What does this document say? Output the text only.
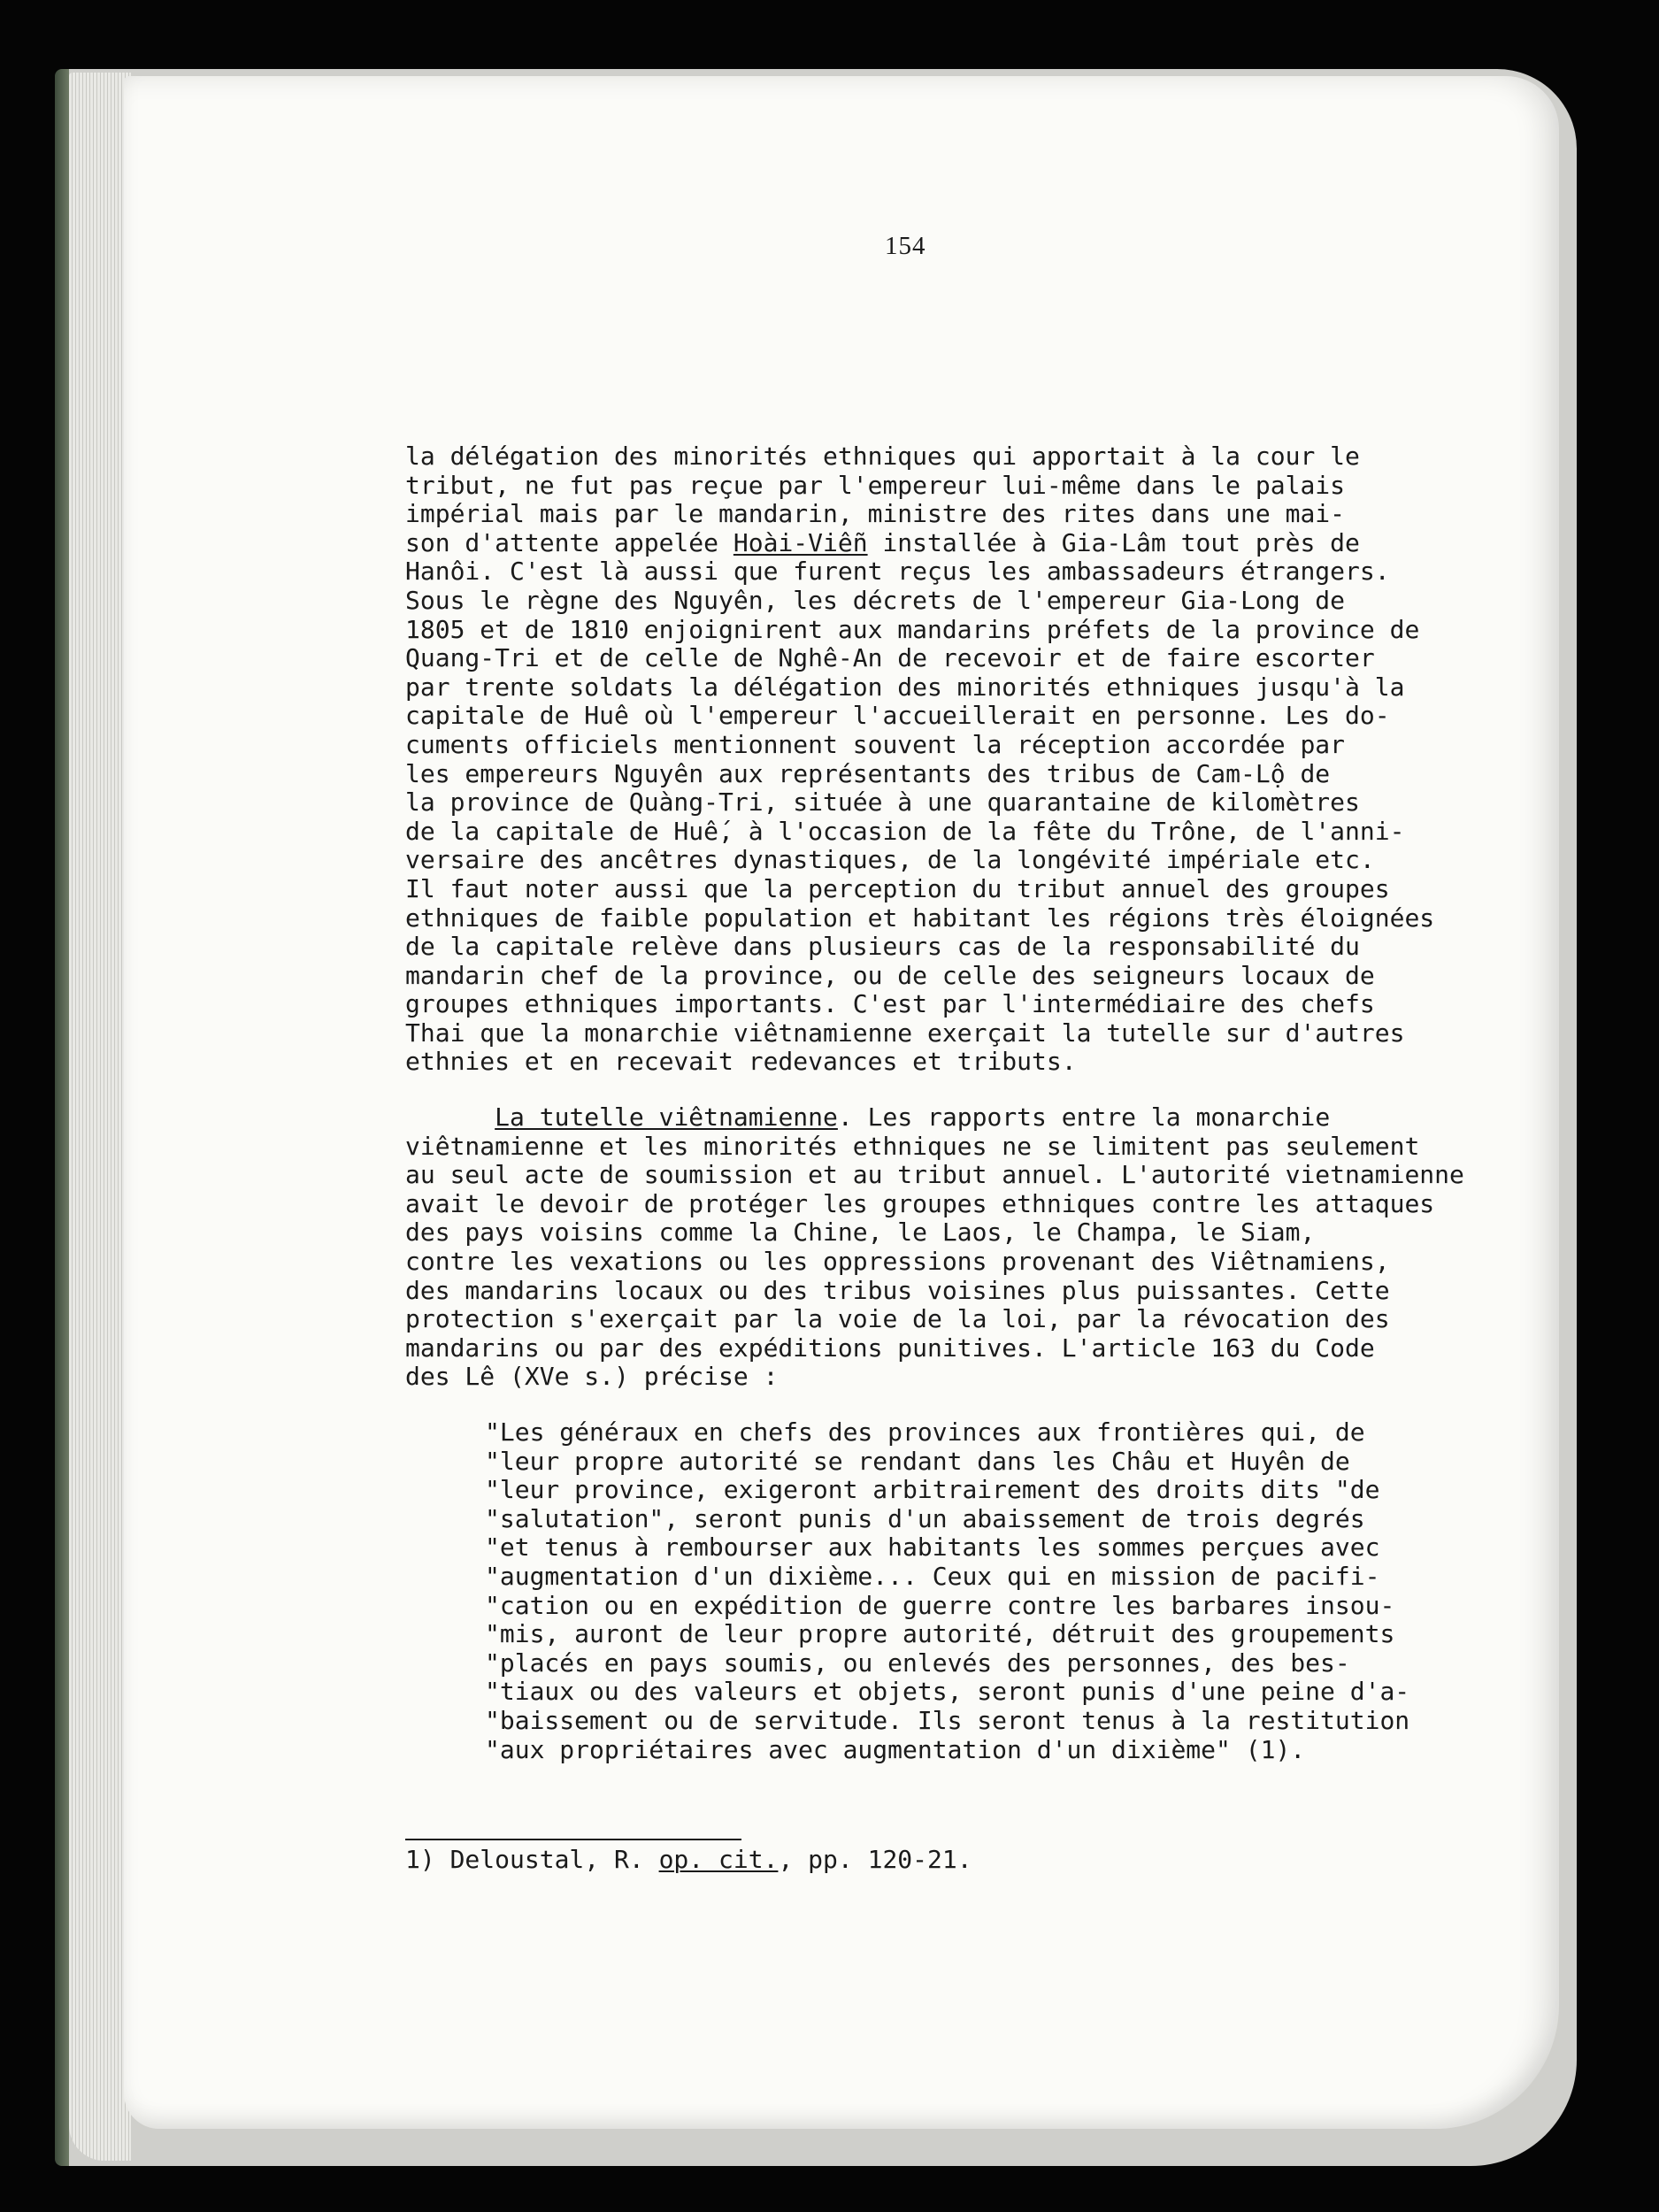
154
la délégation des minorités ethniques qui apportait à la cour le
tribut, ne fut pas reçue par l'empereur lui-même dans le palais
impérial mais par le mandarin, ministre des rites dans une mai-
son d'attente appelée Hoài-Viễn installée à Gia-Lâm tout près de
Hanôi. C'est là aussi que furent reçus les ambassadeurs étrangers.
Sous le règne des Nguyên, les décrets de l'empereur Gia-Long de
1805 et de 1810 enjoignirent aux mandarins préfets de la province de
Quang-Tri et de celle de Nghê-An de recevoir et de faire escorter
par trente soldats la délégation des minorités ethniques jusqu'à la
capitale de Huê où l'empereur l'accueillerait en personne. Les do-
cuments officiels mentionnent souvent la réception accordée par
les empereurs Nguyên aux représentants des tribus de Cam-Lộ de
la province de Quàng-Tri, située à une quarantaine de kilomètres
de la capitale de Huế, à l'occasion de la fête du Trône, de l'anni-
versaire des ancêtres dynastiques, de la longévité impériale etc.
Il faut noter aussi que la perception du tribut annuel des groupes
ethniques de faible population et habitant les régions très éloignées
de la capitale relève dans plusieurs cas de la responsabilité du
mandarin chef de la province, ou de celle des seigneurs locaux de
groupes ethniques importants. C'est par l'intermédiaire des chefs
Thai que la monarchie viêtnamienne exerçait la tutelle sur d'autres
ethnies et en recevait redevances et tributs.
La tutelle viêtnamienne. Les rapports entre la monarchie
viêtnamienne et les minorités ethniques ne se limitent pas seulement
au seul acte de soumission et au tribut annuel. L'autorité vietnamienne
avait le devoir de protéger les groupes ethniques contre les attaques
des pays voisins comme la Chine, le Laos, le Champa, le Siam,
contre les vexations ou les oppressions provenant des Viêtnamiens,
des mandarins locaux ou des tribus voisines plus puissantes. Cette
protection s'exerçait par la voie de la loi, par la révocation des
mandarins ou par des expéditions punitives. L'article 163 du Code
des Lê (XVe s.) précise :
"Les généraux en chefs des provinces aux frontières qui, de
"leur propre autorité se rendant dans les Châu et Huyên de
"leur province, exigeront arbitrairement des droits dits "de
"salutation", seront punis d'un abaissement de trois degrés
"et tenus à rembourser aux habitants les sommes perçues avec
"augmentation d'un dixième... Ceux qui en mission de pacifi-
"cation ou en expédition de guerre contre les barbares insou-
"mis, auront de leur propre autorité, détruit des groupements
"placés en pays soumis, ou enlevés des personnes, des bes-
"tiaux ou des valeurs et objets, seront punis d'une peine d'a-
"baissement ou de servitude. Ils seront tenus à la restitution
"aux propriétaires avec augmentation d'un dixième" (1).
1) Deloustal, R. op. cit., pp. 120-21.
